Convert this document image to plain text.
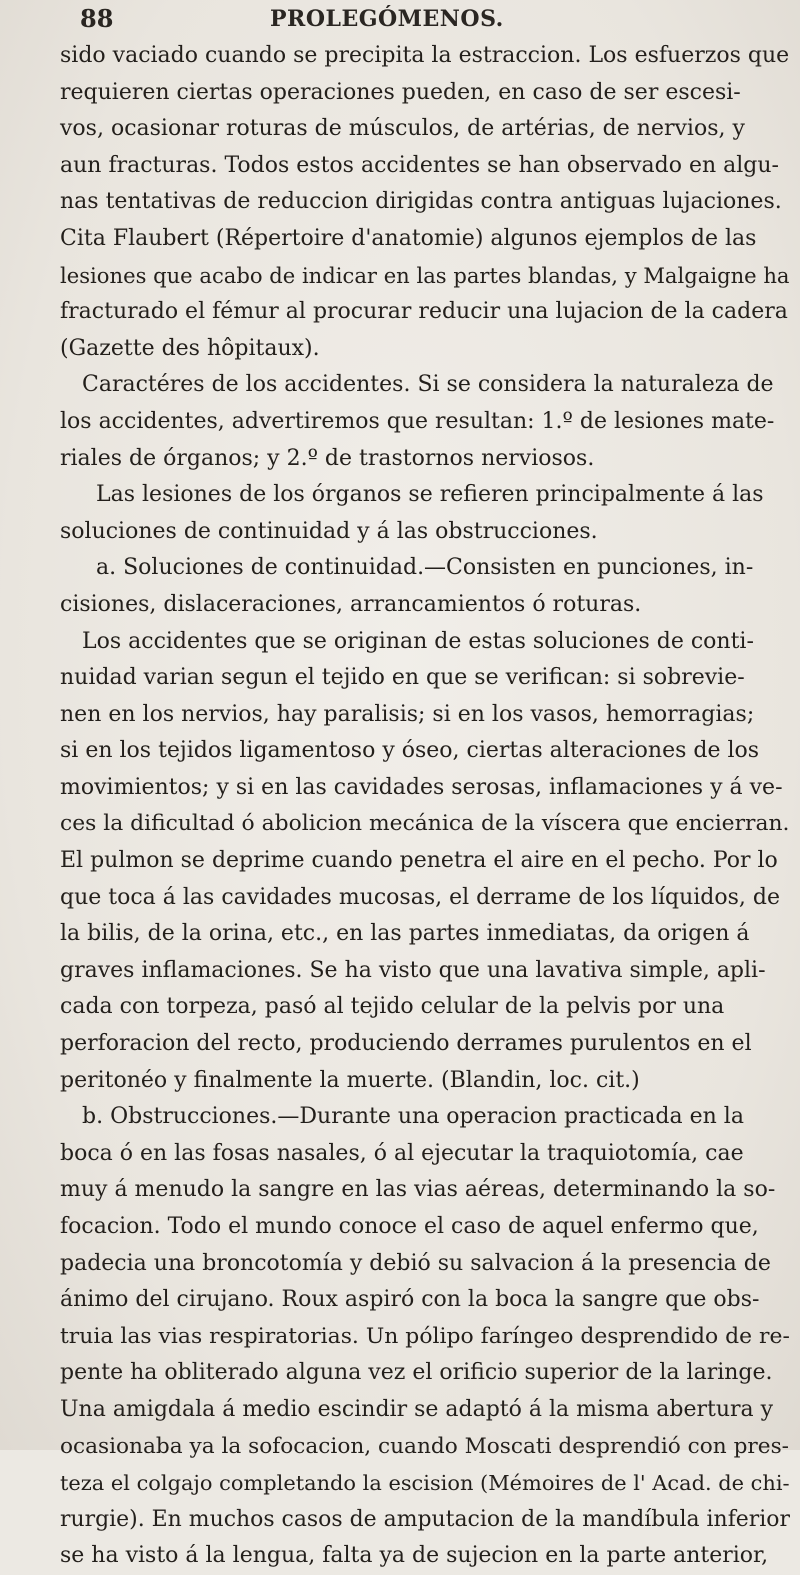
88	PROLEGÓMENOS.
sido vaciado cuando se precipita la estraccion. Los esfuerzos que
requieren ciertas operaciones pueden, en caso de ser escesi-
vos, ocasionar roturas de músculos, de artérias, de nervios, y
aun fracturas. Todos estos accidentes se han observado en algu-
nas tentativas de reduccion dirigidas contra antiguas lujaciones.
Cita Flaubert (Répertoire d'anatomie) algunos ejemplos de las
lesiones que acabo de indicar en las partes blandas, y Malgaigne ha
fracturado el fémur al procurar reducir una lujacion de la cadera
(Gazette des hôpitaux).
Caractéres de los accidentes. Si se considera la naturaleza de
los accidentes, advertiremos que resultan: 1.º de lesiones mate-
riales de órganos; y 2.º de trastornos nerviosos.
Las lesiones de los órganos se refieren principalmente á las
soluciones de continuidad y á las obstrucciones.
a. Soluciones de continuidad.—Consisten en punciones, in-
cisiones, dislaceraciones, arrancamientos ó roturas.
Los accidentes que se originan de estas soluciones de conti-
nuidad varian segun el tejido en que se verifican: si sobrevie-
nen en los nervios, hay paralisis; si en los vasos, hemorragias;
si en los tejidos ligamentoso y óseo, ciertas alteraciones de los
movimientos; y si en las cavidades serosas, inflamaciones y á ve-
ces la dificultad ó abolicion mecánica de la víscera que encierran.
El pulmon se deprime cuando penetra el aire en el pecho. Por lo
que toca á las cavidades mucosas, el derrame de los líquidos, de
la bilis, de la orina, etc., en las partes inmediatas, da origen á
graves inflamaciones. Se ha visto que una lavativa simple, apli-
cada con torpeza, pasó al tejido celular de la pelvis por una
perforacion del recto, produciendo derrames purulentos en el
peritonéo y finalmente la muerte. (Blandin, loc. cit.)
b. Obstrucciones.—Durante una operacion practicada en la
boca ó en las fosas nasales, ó al ejecutar la traquiotomía, cae
muy á menudo la sangre en las vias aéreas, determinando la so-
focacion. Todo el mundo conoce el caso de aquel enfermo que,
padecia una broncotomía y debió su salvacion á la presencia de
ánimo del cirujano. Roux aspiró con la boca la sangre que obs-
truia las vias respiratorias. Un pólipo faríngeo desprendido de re-
pente ha obliterado alguna vez el orificio superior de la laringe.
Una amigdala á medio escindir se adaptó á la misma abertura y
ocasionaba ya la sofocacion, cuando Moscati desprendió con pres-
teza el colgajo completando la escision (Mémoires de l' Acad. de chi-
rurgie). En muchos casos de amputacion de la mandíbula inferior
se ha visto á la lengua, falta ya de sujecion en la parte anterior,
